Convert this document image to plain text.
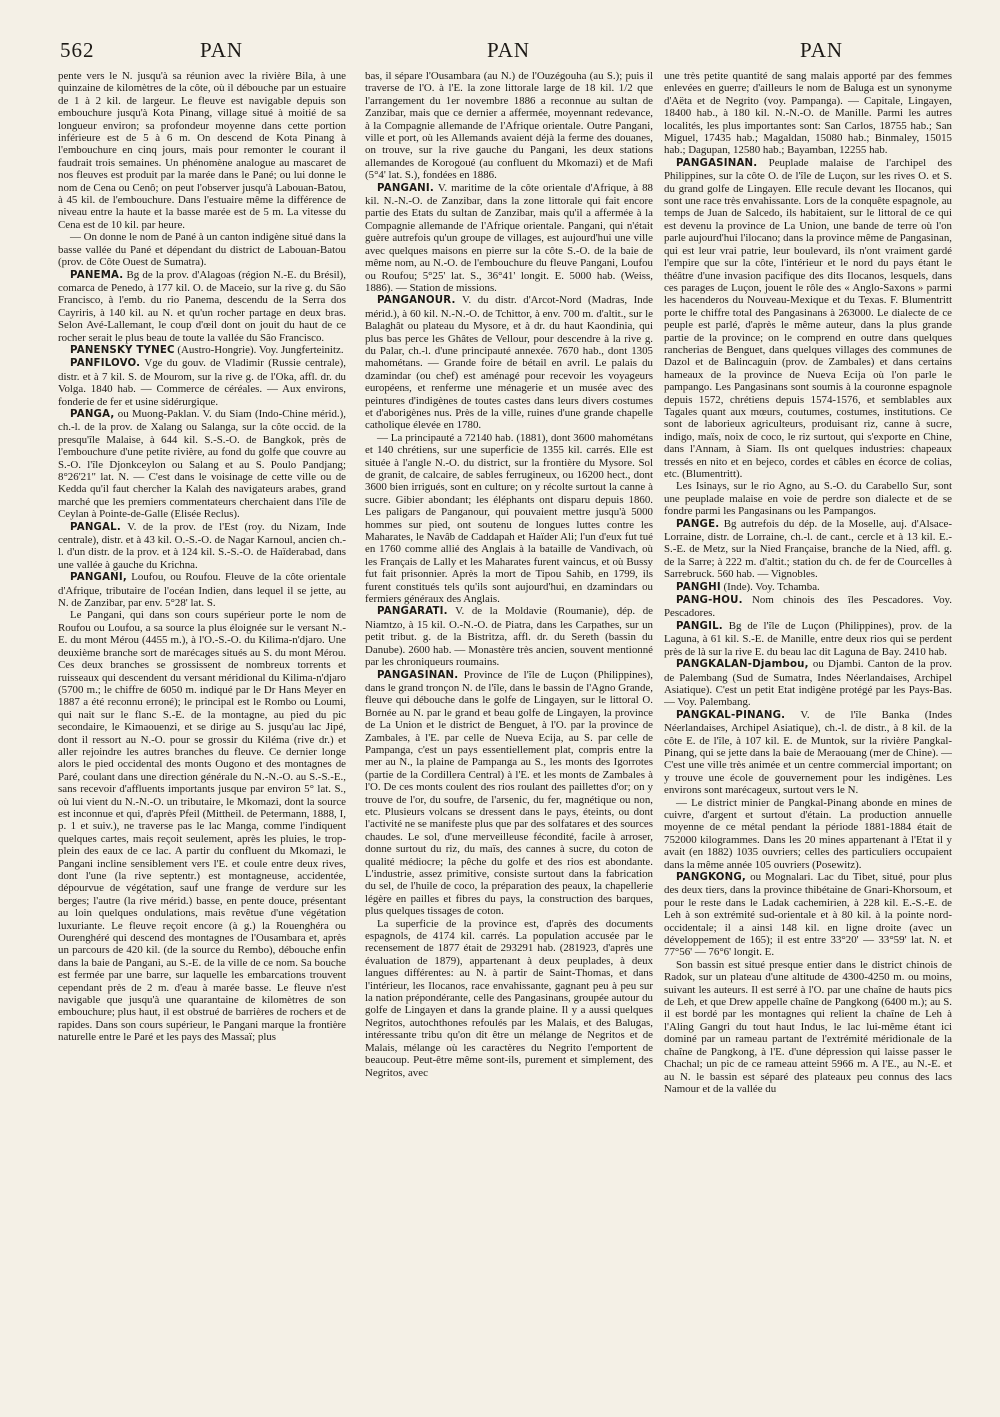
562	PAN	PAN	PAN

pente vers le N. jusqu'à sa réunion avec la rivière Bila, à une quinzaine de kilomètres de la côte, où il débouche par un estuaire de 1 à 2 kil. de largeur. Le fleuve est navigable depuis son embouchure jusqu'à Kota Pinang, village situé à moitié de sa longueur environ; sa profondeur moyenne dans cette portion inférieure est de 5 à 6 m. On descend de Kota Pinang à l'embouchure en cinq jours, mais pour remonter le courant il faudrait trois semaines. Un phénomène analogue au mascaret de nos fleuves est produit par la marée dans le Pané; ou lui donne le nom de Cena ou Cenô; on peut l'observer jusqu'à Labouan-Batou, à 45 kil. de l'embouchure. Dans l'estuaire même la différence de niveau entre la haute et la basse marée est de 5 m. La vitesse du Cena est de 10 kil. par heure.

— On donne le nom de Pané à un canton indigène situé dans la basse vallée du Pané et dépendant du district de Labouan-Batou (prov. de Côte Ouest de Sumatra).

PANEMA. Bg de la prov. d'Alagoas (région N.-E. du Brésil), comarca de Penedo, à 177 kil. O. de Maceio, sur la rive g. du São Francisco, à l'emb. du rio Panema, descendu de la Serra dos Cayriris, à 140 kil. au N. et qu'un rocher partage en deux bras. Selon Avé-Lallemant, le coup d'œil dont on jouit du haut de ce rocher serait le plus beau de toute la vallée du São Francisco.

PANENSKY TYNEC (Austro-Hongrie). Voy. Jungferteinitz.

PANFILOVO. Vge du gouv. de Vladimir (Russie centrale), distr. et à 7 kil. S. de Mourom, sur la rive g. de l'Oka, affl. dr. du Volga. 1840 hab. — Commerce de céréales. — Aux environs, fonderie de fer et usine sidérurgique.

PANGA, ou Muong-Paklan. V. du Siam (Indo-Chine mérid.), ch.-l. de la prov. de Xalang ou Salanga, sur la côte occid. de la presqu'île Malaise, à 644 kil. S.-S.-O. de Bangkok, près de l'embouchure d'une petite rivière, au fond du golfe que couvre au S.-O. l'île Djonkceylon ou Salang et au S. Poulo Pandjang; 8°26'21" lat. N. — C'est dans le voisinage de cette ville ou de Kedda qu'il faut chercher la Kalah des navigateurs arabes, grand marché que les premiers commentateurs cherchaient dans l'île de Ceylan à Pointe-de-Galle (Elisée Reclus).

PANGAL. V. de la prov. de l'Est (roy. du Nizam, Inde centrale), distr. et à 43 kil. O.-S.-O. de Nagar Karnoul, ancien ch.-l. d'un distr. de la prov. et à 124 kil. S.-S.-O. de Haïderabad, dans une vallée à gauche du Krichna.

PANGANI, Loufou, ou Roufou. Fleuve de la côte orientale d'Afrique, tributaire de l'océan Indien, dans lequel il se jette, au N. de Zanzibar, par env. 5°28' lat. S.

Le Pangani, qui dans son cours supérieur porte le nom de Roufou ou Loufou, a sa source la plus éloignée sur le versant N.-E. du mont Mérou (4455 m.), à l'O.-S.-O. du Kilima-n'djaro. Une deuxième branche sort de marécages situés au S. du mont Mérou. Ces deux branches se grossissent de nombreux torrents et ruisseaux qui descendent du versant méridional du Kilima-n'djaro (5700 m.; le chiffre de 6050 m. indiqué par le Dr Hans Meyer en 1887 a été reconnu erroné); le principal est le Rombo ou Loumi, qui nait sur le flanc S.-E. de la montagne, au pied du pic secondaire, le Kimaouenzi, et se dirige au S. jusqu'au lac Jipé, dont il ressort au N.-O. pour se grossir du Kiléma (rive dr.) et aller rejoindre les autres branches du fleuve. Ce dernier longe alors le pied occidental des monts Ougono et des montagnes de Paré, coulant dans une direction générale du N.-N.-O. au S.-S.-E., sans recevoir d'affluents importants jusque par environ 5° lat. S., où lui vient du N.-N.-O. un tributaire, le Mkomazi, dont la source est inconnue et qui, d'après Pfeil (Mittheil. de Petermann, 1888, I, p. 1 et suiv.), ne traverse pas le lac Manga, comme l'indiquent quelques cartes, mais reçoit seulement, après les pluies, le trop-plein des eaux de ce lac. A partir du confluent du Mkomazi, le Pangani incline sensiblement vers l'E. et coule entre deux rives, dont l'une (la rive septentr.) est montagneuse, accidentée, dépourvue de végétation, sauf une frange de verdure sur les berges; l'autre (la rive mérid.) basse, en pente douce, présentant au loin quelques ondulations, mais revêtue d'une végétation luxuriante. Le fleuve reçoit encore (à g.) la Rouenghéra ou Ourenghéré qui descend des montagnes de l'Ousambara et, après un parcours de 420 kil. (de la source du Rembo), débouche enfin dans la baie de Pangani, au S.-E. de la ville de ce nom. Sa bouche est fermée par une barre, sur laquelle les embarcations trouvent cependant près de 2 m. d'eau à marée basse. Le fleuve n'est navigable que jusqu'à une quarantaine de kilomètres de son embouchure; plus haut, il est obstrué de barrières de rochers et de rapides. Dans son cours supérieur, le Pangani marque la frontière naturelle entre le Paré et les pays des Massaï; plus

bas, il sépare l'Ousambara (au N.) de l'Ouzégouha (au S.); puis il traverse de l'O. à l'E. la zone littorale large de 18 kil. 1/2 que l'arrangement du 1er novembre 1886 a reconnue au sultan de Zanzibar, mais que ce dernier a affermée, moyennant redevance, à la Compagnie allemande de l'Afrique orientale. Outre Pangani, ville et port, où les Allemands avaient déjà la ferme des douanes, on trouve, sur la rive gauche du Pangani, les deux stations allemandes de Korogoué (au confluent du Mkomazi) et de Mafi (5°4' lat. S.), fondées en 1886.

PANGANI. V. maritime de la côte orientale d'Afrique, à 88 kil. N.-N.-O. de Zanzibar, dans la zone littorale qui fait encore partie des Etats du sultan de Zanzibar, mais qu'il a affermée à la Compagnie allemande de l'Afrique orientale. Pangani, qui n'était guère autrefois qu'un groupe de villages, est aujourd'hui une ville avec quelques maisons en pierre sur la côte S.-O. de la baie de même nom, au N.-O. de l'embouchure du fleuve Pangani, Loufou ou Roufou; 5°25' lat. S., 36°41' longit. E. 5000 hab. (Weiss, 1886). — Station de missions.

PANGANOUR. V. du distr. d'Arcot-Nord (Madras, Inde mérid.), à 60 kil. N.-N.-O. de Tchittor, à env. 700 m. d'altit., sur le Balaghât ou plateau du Mysore, et à dr. du haut Kaondinia, qui plus bas perce les Ghâtes de Vellour, pour descendre à la rive g. du Palar, ch.-l. d'une principauté annexée. 7670 hab., dont 1305 mahométans. — Grande foire de bétail en avril. Le palais du dzamindar (ou chef) est aménagé pour recevoir les voyageurs européens, et renferme une ménagerie et un musée avec des peintures d'indigènes de toutes castes dans leurs divers costumes et d'aborigènes nus. Près de la ville, ruines d'une grande chapelle catholique élevée en 1780.

— La principauté a 72140 hab. (1881), dont 3600 mahométans et 140 chrétiens, sur une superficie de 1355 kil. carrés. Elle est située à l'angle N.-O. du district, sur la frontière du Mysore. Sol de granit, de calcaire, de sables ferrugineux, ou 16200 hect., dont 3600 bien irrigués, sont en culture; on y récolte surtout la canne à sucre. Gibier abondant; les éléphants ont disparu depuis 1860. Les paligars de Panganour, qui pouvaient mettre jusqu'à 5000 hommes sur pied, ont soutenu de longues luttes contre les Maharates, le Navâb de Caddapah et Haïder Ali; l'un d'eux fut tué en 1760 comme allié des Anglais à la bataille de Vandivach, où les Français de Lally et les Maharates furent vaincus, et où Bussy fut fait prisonnier. Après la mort de Tipou Sahib, en 1799, ils furent constitués tels qu'ils sont aujourd'hui, en dzamindars ou fermiers généraux des Anglais.

PANGARATI. V. de la Moldavie (Roumanie), dép. de Niamtzo, à 15 kil. O.-N.-O. de Piatra, dans les Carpathes, sur un petit tribut. g. de la Bistritza, affl. dr. du Sereth (bassin du Danube). 2600 hab. — Monastère très ancien, souvent mentionné par les chroniqueurs roumains.

PANGASINAN. Province de l'île de Luçon (Philippines), dans le grand tronçon N. de l'île, dans le bassin de l'Agno Grande, fleuve qui débouche dans le golfe de Lingayen, sur le littoral O. Bornée au N. par le grand et beau golfe de Lingayen, la province de La Union et le district de Benguet, à l'O. par la province de Zambales, à l'E. par celle de Nueva Ecija, au S. par celle de Pampanga, c'est un pays essentiellement plat, compris entre la mer au N., la plaine de Pampanga au S., les monts des Igorrotes (partie de la Cordillera Central) à l'E. et les monts de Zambales à l'O. De ces monts coulent des rios roulant des paillettes d'or; on y trouve de l'or, du soufre, de l'arsenic, du fer, magnétique ou non, etc. Plusieurs volcans se dressent dans le pays, éteints, ou dont l'activité ne se manifeste plus que par des solfatares et des sources chaudes. Le sol, d'une merveilleuse fécondité, facile à arroser, donne surtout du riz, du maïs, des cannes à sucre, du coton de qualité médiocre; la pêche du golfe et des rios est abondante. L'industrie, assez primitive, consiste surtout dans la fabrication du sel, de l'huile de coco, la préparation des peaux, la chapellerie légère en pailles et fibres du pays, la construction des barques, plus quelques tissages de coton.

La superficie de la province est, d'après des documents espagnols, de 4174 kil. carrés. La population accusée par le recensement de 1877 était de 293291 hab. (281923, d'après une évaluation de 1879), appartenant à deux peuplades, à deux langues différentes: au N. à partir de Saint-Thomas, et dans l'intérieur, les Ilocanos, race envahissante, gagnant peu à peu sur la nation prépondérante, celle des Pangasinans, groupée autour du golfe de Lingayen et dans la grande plaine. Il y a aussi quelques Negritos, autochthones refoulés par les Malais, et des Balugas, intéressante tribu qu'on dit être un mélange de Negritos et de Malais, mélange où les caractères du Negrito l'emportent de beaucoup. Peut-être même sont-ils, purement et simplement, des Negritos, avec

une très petite quantité de sang malais apporté par des femmes enlevées en guerre; d'ailleurs le nom de Baluga est un synonyme d'Aëta et de Negrito (voy. Pampanga). — Capitale, Lingayen, 18400 hab., à 180 kil. N.-N.-O. de Manille. Parmi les autres localités, les plus importantes sont: San Carlos, 18755 hab.; San Miguel, 17435 hab.; Magaldan, 15080 hab.; Binmaley, 15015 hab.; Dagupan, 12580 hab.; Bayamban, 12255 hab.

PANGASINAN. Peuplade malaise de l'archipel des Philippines, sur la côte O. de l'île de Luçon, sur les rives O. et S. du grand golfe de Lingayen. Elle recule devant les Ilocanos, qui sont une race très envahissante. Lors de la conquête espagnole, au temps de Juan de Salcedo, ils habitaient, sur le littoral de ce qui est devenu la province de La Union, une bande de terre où l'on parle aujourd'hui l'ilocano; dans la province même de Pangasinan, qui est leur vrai patrie, leur boulevard, ils n'ont vraiment gardé l'empire que sur la côte, l'intérieur et le nord du pays étant le théâtre d'une invasion pacifique des dits Ilocanos, lesquels, dans ces parages de Luçon, jouent le rôle des « Anglo-Saxons » parmi les hacenderos du Nouveau-Mexique et du Texas. F. Blumentritt porte le chiffre total des Pangasinans à 263000. Le dialecte de ce peuple est parlé, d'après le même auteur, dans la plus grande partie de la province; on le comprend en outre dans quelques rancherias de Benguet, dans quelques villages des communes de Dazol et de Balincaguin (prov. de Zambales) et dans certains hameaux de la province de Nueva Ecija où l'on parle le pampango. Les Pangasinans sont soumis à la couronne espagnole depuis 1572, chrétiens depuis 1574-1576, et semblables aux Tagales quant aux mœurs, coutumes, costumes, institutions. Ce sont de laborieux agriculteurs, produisant riz, canne à sucre, indigo, maïs, noix de coco, le riz surtout, qui s'exporte en Chine, dans l'Annam, à Siam. Ils ont quelques industries: chapeaux tressés en nito et en bejeco, cordes et câbles en écorce de colias, etc. (Blumentritt).

Les Isinays, sur le rio Agno, au S.-O. du Carabello Sur, sont une peuplade malaise en voie de perdre son dialecte et de se fondre parmi les Pangasinans ou les Pampangos.

PANGE. Bg autrefois du dép. de la Moselle, auj. d'Alsace-Lorraine, distr. de Lorraine, ch.-l. de cant., cercle et à 13 kil. E.-S.-E. de Metz, sur la Nied Française, branche de la Nied, affl. g. de la Sarre; à 222 m. d'altit.; station du ch. de fer de Courcelles à Sarrebruck. 560 hab. — Vignobles.

PANGHI (Inde). Voy. Tchamba.

PANG-HOU. Nom chinois des îles Pescadores. Voy. Pescadores.

PANGIL. Bg de l'île de Luçon (Philippines), prov. de la Laguna, à 61 kil. S.-E. de Manille, entre deux rios qui se perdent près de là sur la rive E. du beau lac dit Laguna de Bay. 2410 hab.

PANGKALAN-Djambou, ou Djambi. Canton de la prov. de Palembang (Sud de Sumatra, Indes Néerlandaises, Archipel Asiatique). C'est un petit Etat indigène protégé par les Pays-Bas. — Voy. Palembang.

PANGKAL-PINANG. V. de l'île Banka (Indes Néerlandaises, Archipel Asiatique), ch.-l. de distr., à 8 kil. de la côte E. de l'île, à 107 kil. E. de Muntok, sur la rivière Pangkal-Pinang, qui se jette dans la baie de Meraouang (mer de Chine). — C'est une ville très animée et un centre commercial important; on y trouve une école de gouvernement pour les indigènes. Les environs sont marécageux, surtout vers le N.

— Le district minier de Pangkal-Pinang abonde en mines de cuivre, d'argent et surtout d'étain. La production annuelle moyenne de ce métal pendant la période 1881-1884 était de 752000 kilogrammes. Dans les 20 mines appartenant à l'Etat il y avait (en 1882) 1035 ouvriers; celles des particuliers occupaient dans la même année 105 ouvriers (Posewitz).

PANGKONG, ou Mognalari. Lac du Tibet, situé, pour plus des deux tiers, dans la province thibétaine de Gnari-Khorsoum, et pour le reste dans le Ladak cachemirien, à 228 kil. E.-S.-E. de Leh à son extrémité sud-orientale et à 80 kil. à la pointe nord-occidentale; il a ainsi 148 kil. en ligne droite (avec un développement de 165); il est entre 33°20' — 33°59' lat. N. et 77°56' — 76°6' longit. E.

Son bassin est situé presque entier dans le district chinois de Radok, sur un plateau d'une altitude de 4300-4250 m. ou moins, suivant les auteurs. Il est serré à l'O. par une chaîne de hauts pics de Leh, et que Drew appelle chaîne de Pangkong (6400 m.); au S. il est bordé par les montagnes qui relient la chaîne de Leh à l'Aling Gangri du tout haut Indus, le lac lui-même étant ici dominé par un rameau partant de l'extrémité méridionale de la chaîne de Pangkong, à l'E. d'une dépression qui laisse passer le Chachal; un pic de ce rameau atteint 5966 m. A l'E., au N.-E. et au N. le bassin est séparé des plateaux peu connus des lacs Namour et de la vallée du
